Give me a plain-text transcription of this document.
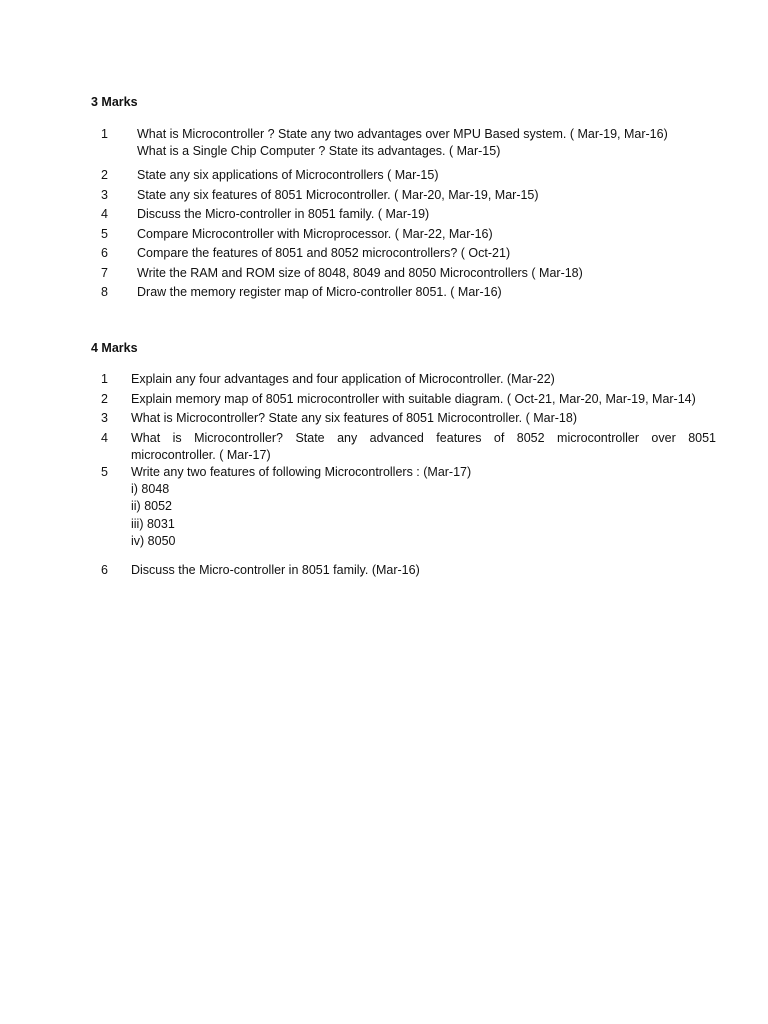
3 Marks
1 What is Microcontroller ? State any two advantages over MPU Based system. ( Mar-19, Mar-16)
What is a Single Chip Computer ? State its advantages. ( Mar-15)
2 State any six applications of Microcontrollers ( Mar-15)
3 State any six features of 8051 Microcontroller. ( Mar-20, Mar-19, Mar-15)
4 Discuss the Micro-controller in 8051 family. ( Mar-19)
5 Compare Microcontroller with Microprocessor. ( Mar-22, Mar-16)
6 Compare the features of 8051 and 8052 microcontrollers? ( Oct-21)
7 Write the RAM and ROM size of 8048, 8049 and 8050 Microcontrollers ( Mar-18)
8 Draw the memory register map of Micro-controller 8051. ( Mar-16)
4 Marks
1 Explain any four advantages and four application of Microcontroller. (Mar-22)
2 Explain memory map of 8051 microcontroller with suitable diagram. ( Oct-21, Mar-20, Mar-19, Mar-14)
3 What is Microcontroller? State any six features of 8051 Microcontroller. ( Mar-18)
4 What is Microcontroller? State any advanced features of 8052 microcontroller over 8051
microcontroller. ( Mar-17)
5 Write any two features of following Microcontrollers : (Mar-17)
i) 8048
ii) 8052
iii) 8031
iv) 8050
6 Discuss the Micro-controller in 8051 family. (Mar-16)
